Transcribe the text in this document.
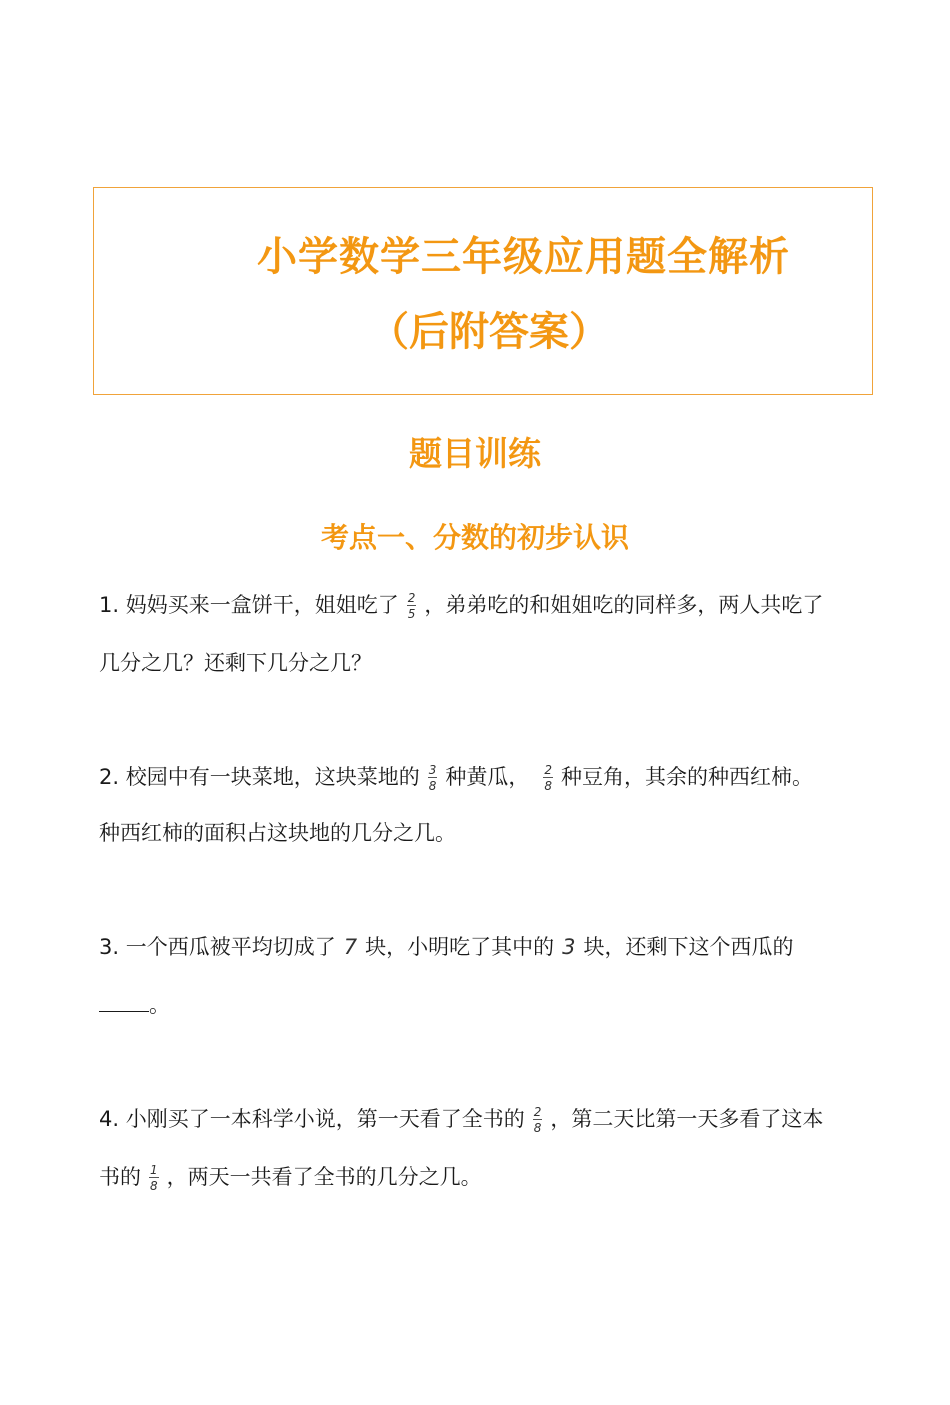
小学数学三年级应用题全解析
（后附答案）
题目训练
考点一、分数的初步认识
1. 妈妈买来一盒饼干，姐姐吃了 $\frac{2}{5}$ ，弟弟吃的和姐姐吃的同样多，两人共吃了
几分之几？还剩下几分之几？
2. 校园中有一块菜地，这块菜地的 $\frac{3}{8}$ 种黄瓜， $\frac{2}{8}$ 种豆角，其余的种西红柿。
种西红柿的面积占这块地的几分之几。
3. 一个西瓜被平均切成了 7 块，小明吃了其中的 3 块，还剩下这个西瓜的
。
4. 小刚买了一本科学小说，第一天看了全书的 $\frac{2}{8}$ ，第二天比第一天多看了这本
书的 $\frac{1}{8}$ ，两天一共看了全书的几分之几。
